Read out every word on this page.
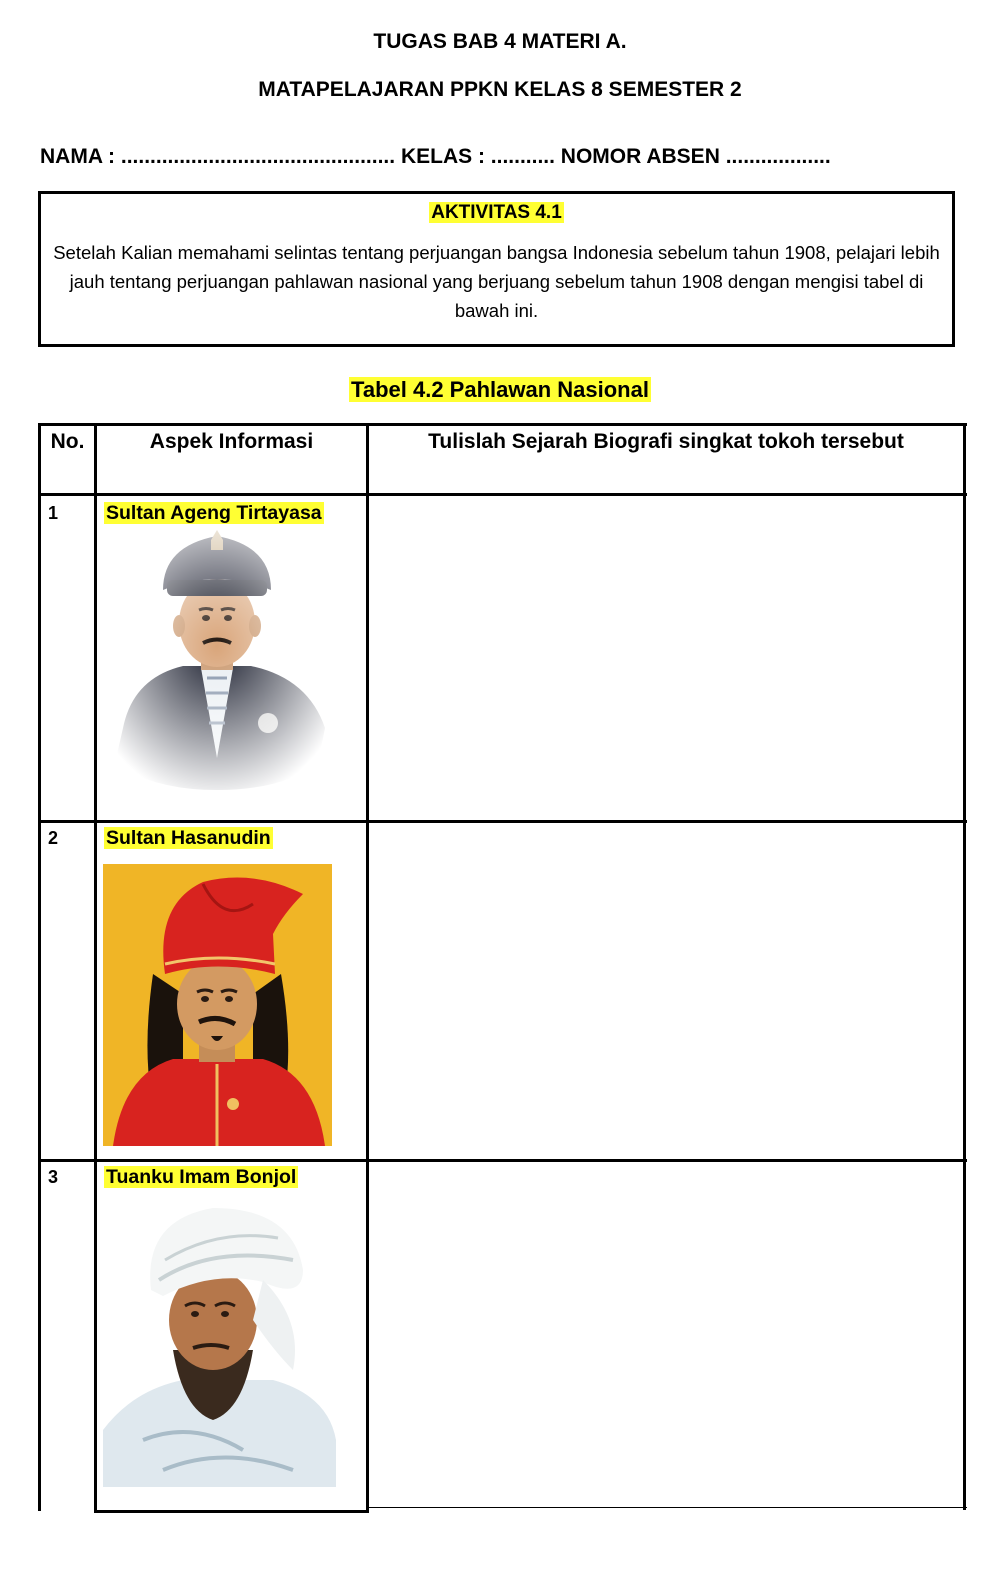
TUGAS BAB 4 MATERI A.
MATAPELAJARAN PPKN KELAS 8 SEMESTER 2
NAMA : ............................................... KELAS : ........... NOMOR ABSEN ..................
AKTIVITAS 4.1
Setelah Kalian memahami selintas tentang perjuangan bangsa Indonesia sebelum tahun 1908, pelajari lebih jauh tentang perjuangan pahlawan nasional yang berjuang sebelum tahun 1908 dengan mengisi tabel di bawah ini.
Tabel 4.2 Pahlawan Nasional
No.	Aspek Informasi	Tulislah Sejarah Biografi singkat tokoh tersebut
1 Sultan Ageng Tirtayasa
2 Sultan Hasanudin
3 Tuanku Imam Bonjol
